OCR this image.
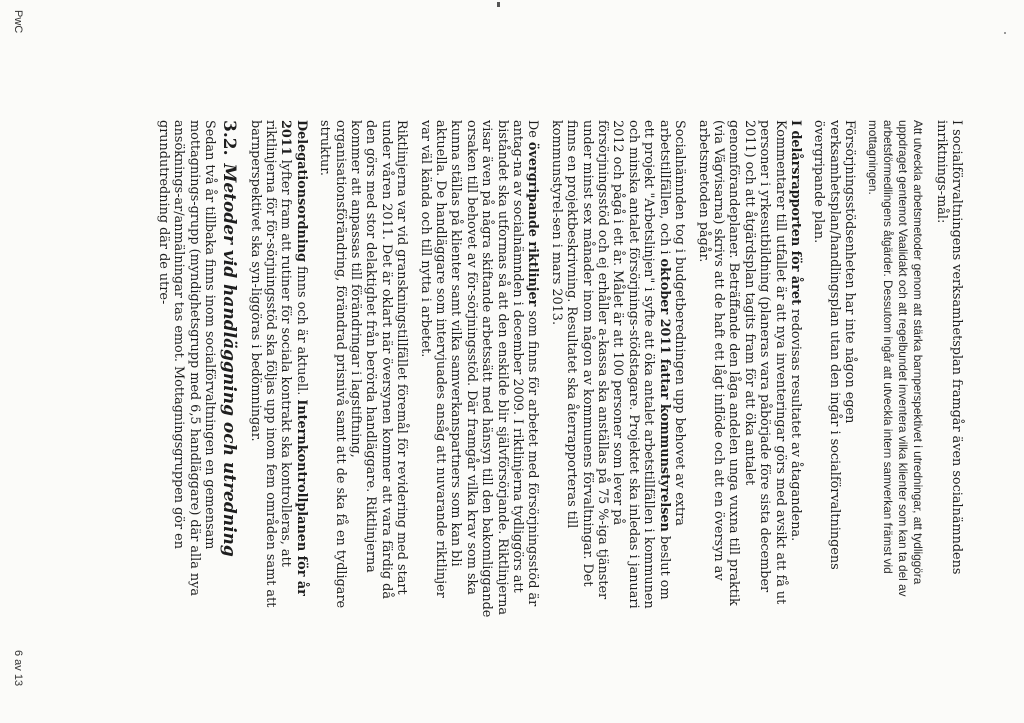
I socialförvaltningens verksamhetsplan framgår även socialnämndens inriktnings-mål:

Att utveckla arbetsmetoder genom att stärka barnperspektivet i utredningar, att tydliggöra uppdraget gentemot Vaalidakt och att regelbundet inventera vilka klienter som kan ta del av arbetsförmedlingens åtgärder. Dessutom ingår att utveckla intern samverkan främst vid mottagningen.

Försörjningsstödsenheten har inte någon egen verksamhetsplan/handlingsplan utan den ingår i socialförvaltningens övergripande plan.

I delårsrapporten för året redovisas resultatet av åtagandena. Kommentarer till utfallet är att nya inventeringar görs med avsikt att få ut personer i yrkesutbildning (planeras vara påbörjade före sista december 2011) och att åtgärdsplan tagits fram för att öka antalet genomförandeplaner. Beträffande den låga andelen unga vuxna till praktik (via Vägvisarna) skrivs att de haft ett lågt inflöde och att en översyn av arbetsmetoden pågår.

Socialnämnden tog i budgetberedningen upp behovet av extra arbetstillfällen, och i oktober 2011 fattar kommunstyrelsen beslut om ett projekt "Arbetslinjen" i syfte att öka antalet arbetstillfällen i kommunen och minska antalet försörjnings-stödstagare. Projektet ska inledas i januari 2012 och pågå i ett år. Målet är att 100 personer som lever på försörjningsstöd och ej erhåller a-kassa ska anställas på 75 %-iga tjänster under minst sex månader inom någon av kommunens förvaltningar. Det finns en projektbeskrivning. Resultatet ska återrapporteras till kommunstyrel-sen i mars 2013.

De övergripande riktlinjer som finns för arbetet med försörjningsstöd är antag-na av socialnämnden i december 2009. I riktlinjerna tydliggörs att biståndet ska utformas så att den enskilde blir självförsörjande. Riktlinjerna visar även på några skiftande arbetssätt med hänsyn till den bakomliggande orsaken till behovet av för-sörjningsstöd. Där framgår vilka krav som ska kunna ställas på klienter samt vilka samverkanspartners som kan bli aktuella. De handläggare som intervjuades ansåg att nuvarande riktlinjer var väl kända och till nytta i arbetet.

Riktlinjerna var vid granskningstillfället föremål för revidering med start under våren 2011. Det är oklart när översynen kommer att vara färdig då den görs med stor delaktighet från berörda handläggare. Riktlinjerna kommer att anpassas till förändringar i lagstiftning, organisationsförändring, förändrad prisnivå samt att de ska få en tydligare struktur.

Delegationsordning finns och är aktuell. Internkontrollplanen för år 2011 lyfter fram att rutiner för sociala kontrakt ska kontrolleras, att riktlinjerna för för-sörjningsstöd ska följas upp inom fem områden samt att barnperspektivet ska syn-liggöras i bedömningar.

3.2.Metoder vid handläggning och utredning

Sedan två år tillbaka finns inom socialförvaltningen en gemensam mottagnings-grupp (myndighetsgrupp med 6,5 handläggare) där alla nya ansöknings-ar/anmälningar tas emot. Mottagningsgruppen gör en grundutredning där de utre-

PwC
6 av 13
